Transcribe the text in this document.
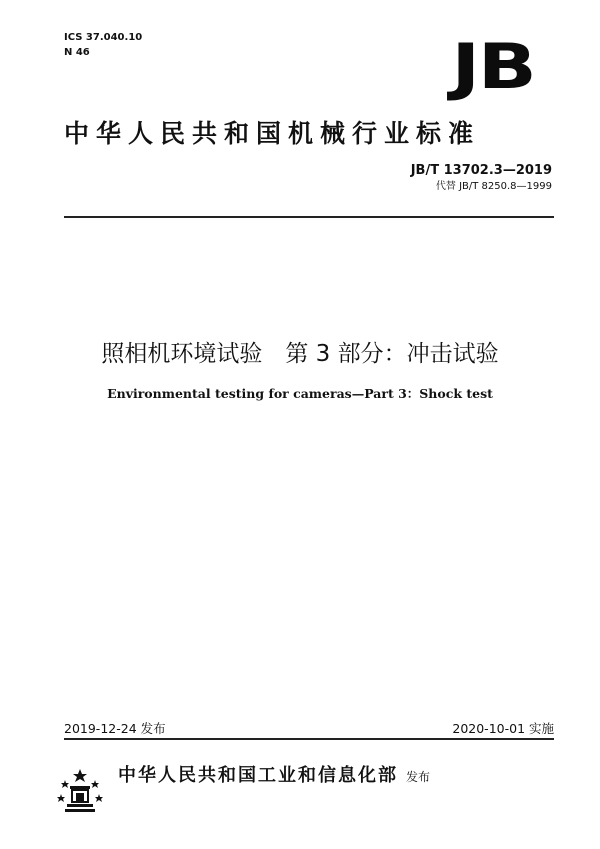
ICS 37.040.10
N 46	JB
中华人民共和国机械行业标准
JB/T 13702.3—2019
代替 JB/T 8250.8—1999
照相机环境试验　第 3 部分：冲击试验
Environmental testing for cameras—Part 3：Shock test
2019-12-24 发布	2020-10-01 实施
中华人民共和国工业和信息化部 发布
